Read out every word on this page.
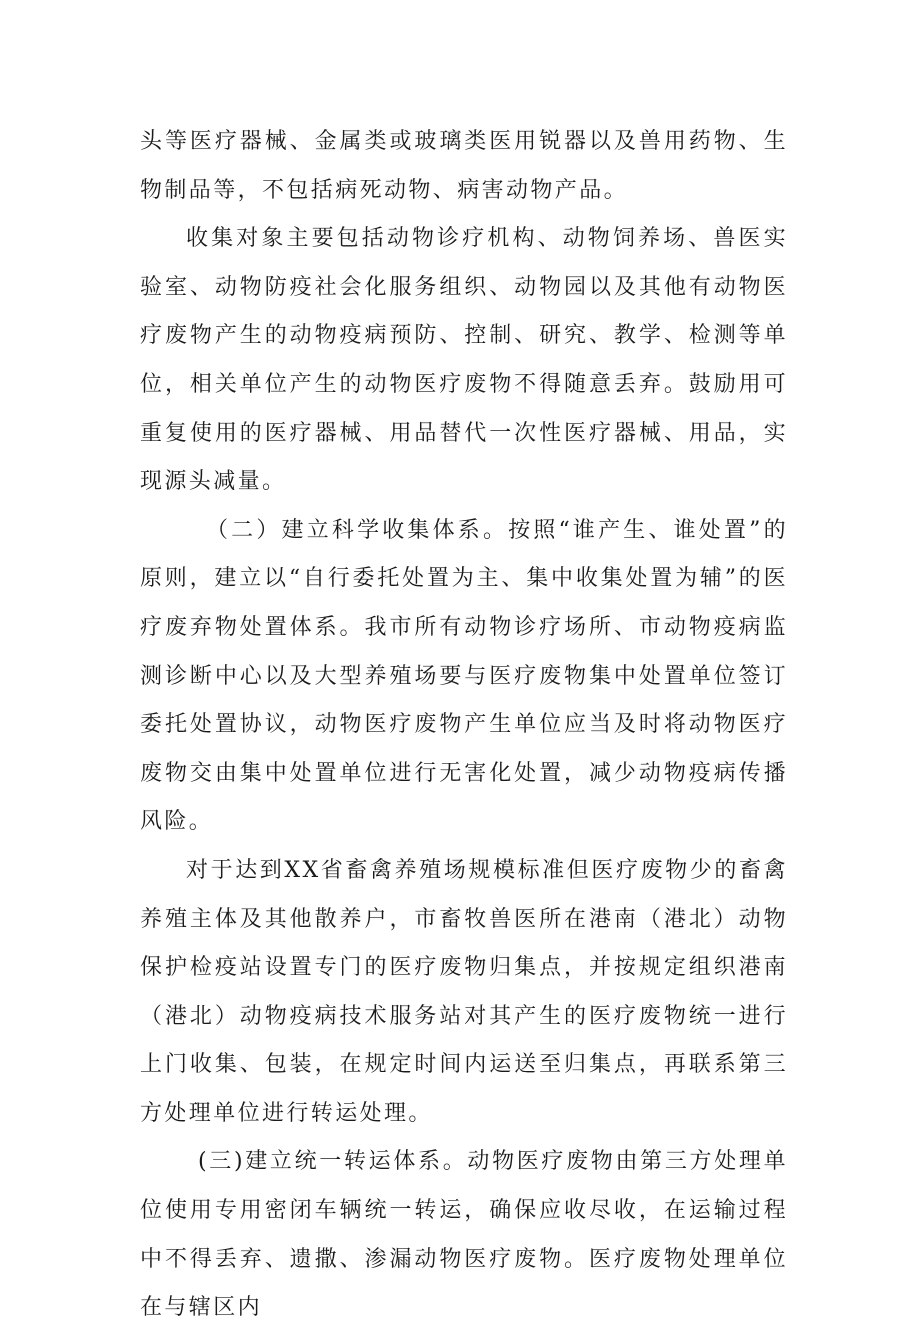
头等医疗器械、金属类或玻璃类医用锐器以及兽用药物、生物制品等，不包括病死动物、病害动物产品。

收集对象主要包括动物诊疗机构、动物饲养场、兽医实验室、动物防疫社会化服务组织、动物园以及其他有动物医疗废物产生的动物疫病预防、控制、研究、教学、检测等单位，相关单位产生的动物医疗废物不得随意丢弃。鼓励用可重复使用的医疗器械、用品替代一次性医疗器械、用品，实现源头减量。

（二）建立科学收集体系。按照“谁产生、谁处置”的原则，建立以“自行委托处置为主、集中收集处置为辅”的医疗废弃物处置体系。我市所有动物诊疗场所、市动物疫病监测诊断中心以及大型养殖场要与医疗废物集中处置单位签订委托处置协议，动物医疗废物产生单位应当及时将动物医疗废物交由集中处置单位进行无害化处置，减少动物疫病传播风险。

对于达到XX省畜禽养殖场规模标准但医疗废物少的畜禽养殖主体及其他散养户，市畜牧兽医所在港南（港北）动物保护检疫站设置专门的医疗废物归集点，并按规定组织港南（港北）动物疫病技术服务站对其产生的医疗废物统一进行上门收集、包装，在规定时间内运送至归集点，再联系第三方处理单位进行转运处理。

(三)建立统一转运体系。动物医疗废物由第三方处理单位使用专用密闭车辆统一转运，确保应收尽收，在运输过程中不得丢弃、遗撒、渗漏动物医疗废物。医疗废物处理单位在与辖区内
